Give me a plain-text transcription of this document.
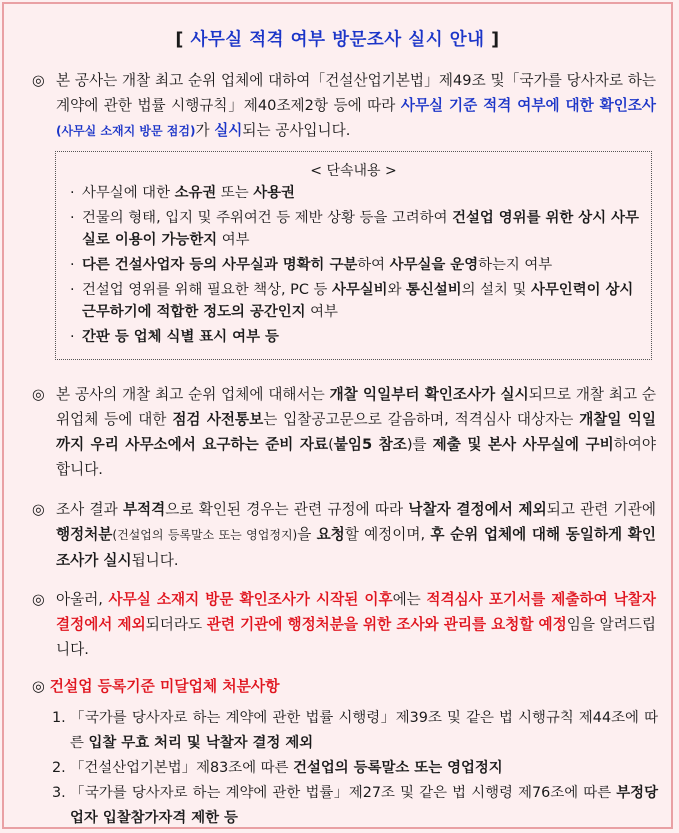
[ 사무실 적격 여부 방문조사 실시 안내 ]
◎ 본 공사는 개찰 최고 순위 업체에 대하여「건설산업기본법」제49조 및「국가를 당사자로 하는 계약에 관한 법률 시행규칙」제40조제2항 등에 따라 사무실 기준 적격 여부에 대한 확인조사(사무실 소재지 방문 점검)가 실시되는 공사입니다.
< 단속내용 >
· 사무실에 대한 소유권 또는 사용권
· 건물의 형태, 입지 및 주위여건 등 제반 상황 등을 고려하여 건설업 영위를 위한 상시 사무실로 이용이 가능한지 여부
· 다른 건설사업자 등의 사무실과 명확히 구분하여 사무실을 운영하는지 여부
· 건설업 영위를 위해 필요한 책상, PC 등 사무실비와 통신설비의 설치 및 사무인력이 상시 근무하기에 적합한 정도의 공간인지 여부
· 간판 등 업체 식별 표시 여부 등
◎ 본 공사의 개찰 최고 순위 업체에 대해서는 개찰 익일부터 확인조사가 실시되므로 개찰 최고 순위업체 등에 대한 점검 사전통보는 입찰공고문으로 갈음하며, 적격심사 대상자는 개찰일 익일까지 우리 사무소에서 요구하는 준비 자료(붙임5 참조)를 제출 및 본사 사무실에 구비하여야 합니다.
◎ 조사 결과 부적격으로 확인된 경우는 관련 규정에 따라 낙찰자 결정에서 제외되고 관련 기관에 행정처분(건설업의 등록말소 또는 영업정지)을 요청할 예정이며, 후 순위 업체에 대해 동일하게 확인조사가 실시됩니다.
◎ 아울러, 사무실 소재지 방문 확인조사가 시작된 이후에는 적격심사 포기서를 제출하여 낙찰자 결정에서 제외되더라도 관련 기관에 행정처분을 위한 조사와 관리를 요청할 예정임을 알려드립니다.
◎ 건설업 등록기준 미달업체 처분사항
1. 「국가를 당사자로 하는 계약에 관한 법률 시행령」제39조 및 같은 법 시행규칙 제44조에 따른 입찰 무효 처리 및 낙찰자 결정 제외
2. 「건설산업기본법」제83조에 따른 건설업의 등록말소 또는 영업정지
3. 「국가를 당사자로 하는 계약에 관한 법률」제27조 및 같은 법 시행령 제76조에 따른 부정당업자 입찰참가자격 제한 등
